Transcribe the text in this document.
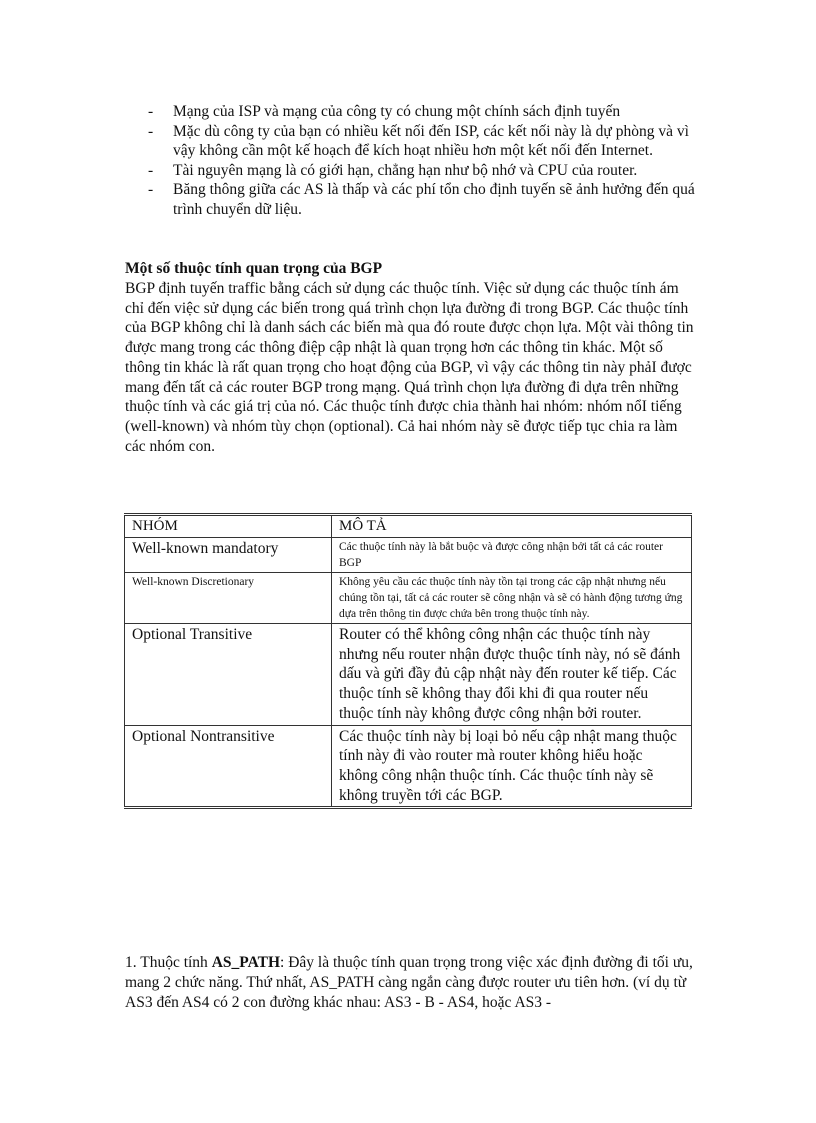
- Mạng của ISP và mạng của công ty có chung một chính sách định tuyến
- Mặc dù công ty của bạn có nhiều kết nối đến ISP, các kết nối này là dự phòng và vì vậy không cần một kế hoạch để kích hoạt nhiều hơn một kết nối đến Internet.
- Tài nguyên mạng là có giới hạn, chẳng hạn như bộ nhớ và CPU của router.
- Băng thông giữa các AS là thấp và các phí tổn cho định tuyến sẽ ảnh hưởng đến quá trình chuyển dữ liệu.

Một số thuộc tính quan trọng của BGP

BGP định tuyến traffic bằng cách sử dụng các thuộc tính. Việc sử dụng các thuộc tính ám chỉ đến việc sử dụng các biến trong quá trình chọn lựa đường đi trong BGP. Các thuộc tính của BGP không chỉ là danh sách các biến mà qua đó route được chọn lựa. Một vài thông tin được mang trong các thông điệp cập nhật là quan trọng hơn các thông tin khác. Một số thông tin khác là rất quan trọng cho hoạt động của BGP, vì vậy các thông tin này phảI được mang đến tất cả các router BGP trong mạng. Quá trình chọn lựa đường đi dựa trên những thuộc tính và các giá trị của nó. Các thuộc tính được chia thành hai nhóm: nhóm nổI tiếng (well-known) và nhóm tùy chọn (optional). Cả hai nhóm này sẽ được tiếp tục chia ra làm các nhóm con.

NHÓM	MÔ TẢ
Well-known mandatory	Các thuộc tính này là bắt buộc và được công nhận bởi tất cả các router BGP
Well-known Discretionary	Không yêu cầu các thuộc tính này tồn tại trong các cập nhật nhưng nếu chúng tồn tại, tất cả các router sẽ công nhận và sẽ có hành động tương ứng dựa trên thông tin được chứa bên trong thuộc tính này.
Optional Transitive	Router có thể không công nhận các thuộc tính này nhưng nếu router nhận được thuộc tính này, nó sẽ đánh dấu và gửi đầy đủ cập nhật này đến router kế tiếp. Các thuộc tính sẽ không thay đổi khi đi qua router nếu thuộc tính này không được công nhận bởi router.
Optional Nontransitive	Các thuộc tính này bị loại bỏ nếu cập nhật mang thuộc tính này đi vào router mà router không hiểu hoặc không công nhận thuộc tính. Các thuộc tính này sẽ không truyền tới các BGP.

1. Thuộc tính AS_PATH: Đây là thuộc tính quan trọng trong việc xác định đường đi tối ưu, mang 2 chức năng. Thứ nhất, AS_PATH càng ngắn càng được router ưu tiên hơn. (ví dụ từ AS3 đến AS4 có 2 con đường khác nhau: AS3 - B - AS4, hoặc AS3 -
